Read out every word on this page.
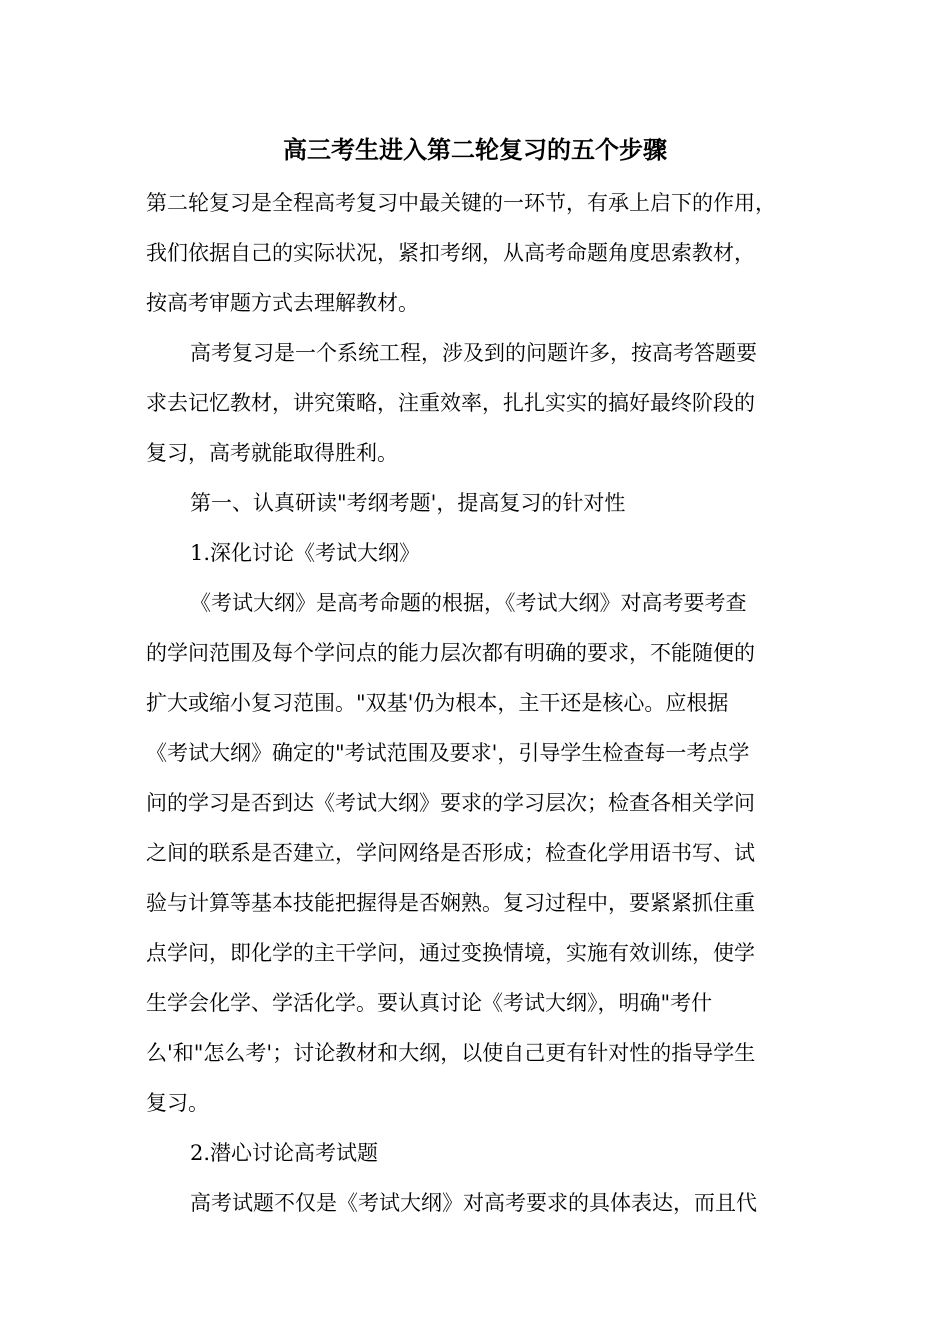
高三考生进入第二轮复习的五个步骤
第二轮复习是全程高考复习中最关键的一环节，有承上启下的作用，
我们依据自己的实际状况，紧扣考纲，从高考命题角度思索教材，
按高考审题方式去理解教材。
高考复习是一个系统工程，涉及到的问题许多，按高考答题要
求去记忆教材，讲究策略，注重效率，扎扎实实的搞好最终阶段的
复习，高考就能取得胜利。
第一、认真研读"考纲考题'，提高复习的针对性
1.深化讨论《考试大纲》
《考试大纲》是高考命题的根据，《考试大纲》对高考要考查
的学问范围及每个学问点的能力层次都有明确的要求，不能随便的
扩大或缩小复习范围。"双基'仍为根本，主干还是核心。应根据
《考试大纲》确定的"考试范围及要求'，引导学生检查每一考点学
问的学习是否到达《考试大纲》要求的学习层次；检查各相关学问
之间的联系是否建立，学问网络是否形成；检查化学用语书写、试
验与计算等基本技能把握得是否娴熟。复习过程中，要紧紧抓住重
点学问，即化学的主干学问，通过变换情境，实施有效训练，使学
生学会化学、学活化学。要认真讨论《考试大纲》，明确"考什
么'和"怎么考'；讨论教材和大纲，以使自己更有针对性的指导学生
复习。
2.潜心讨论高考试题
高考试题不仅是《考试大纲》对高考要求的具体表达，而且代
